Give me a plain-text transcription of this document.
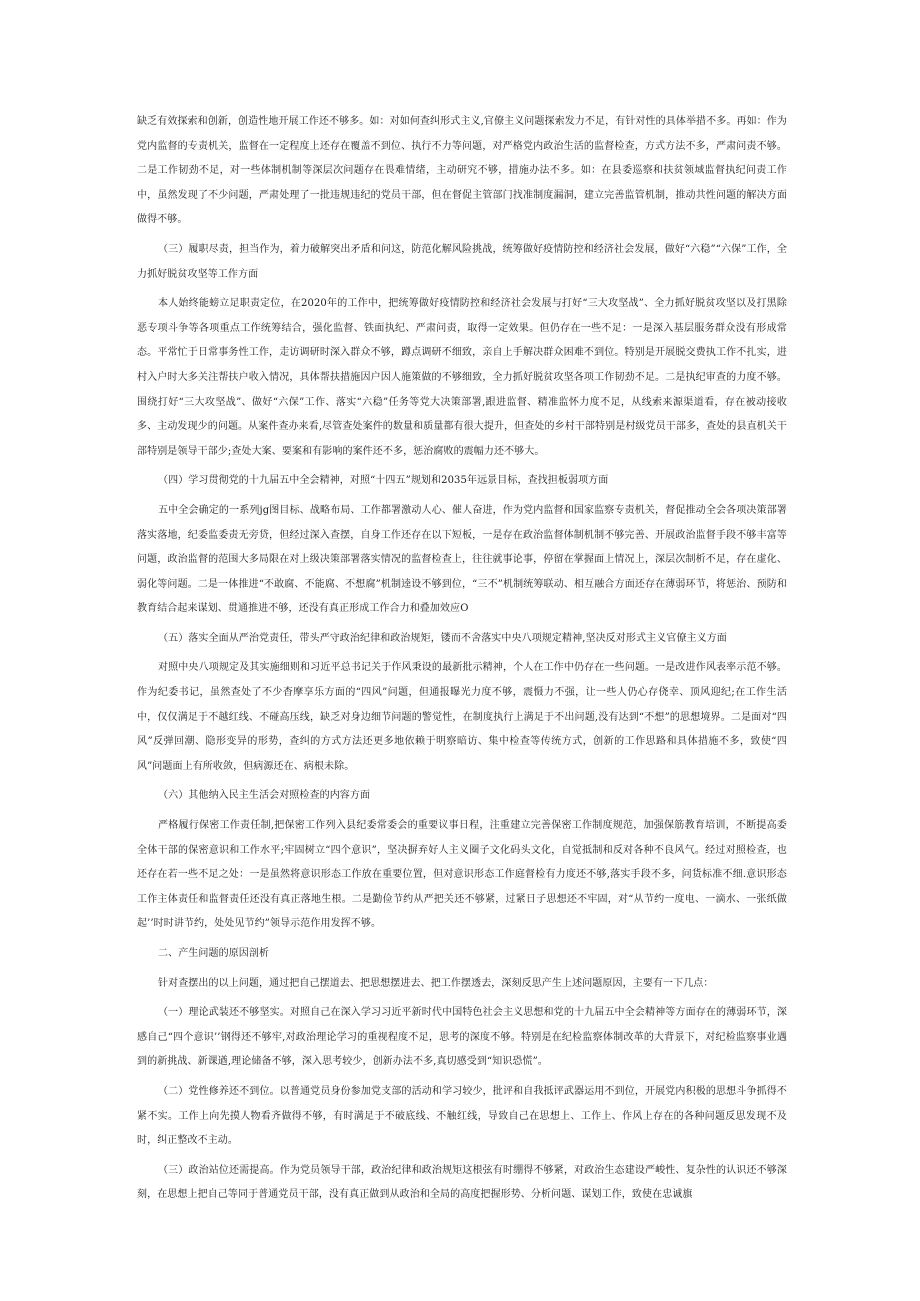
缺乏有效探索和创新，创造性地开展工作还不够多。如：对如何查纠形式主义,官僚主义问题探索发力不足，有针对性的具体举措不多。再如：作为党内监督的专责机关，监督在一定程度上还存在覆盖不到位、执行不力等问题，对严格党内政治生活的监督检查，方式方法不多，严肃问责不够。二是工作韧劲不足，对一些体制机制等深层次问题存在畏难情绪，主动研究不够，措施办法不多。如：在县委巡察和扶贫领域监督执纪问责工作中，虽然发现了不少问题，严肃处理了一批违规违纪的党员干部，但在督促主管部门找准制度漏洞，建立完善监管机制，推动共性问题的解决方面做得不够。

（三）履职尽责，担当作为，着力破解突出矛盾和问这，防范化解风险挑战，统筹做好疫情防控和经济社会发展，做好“六稳”“六保”工作，全力抓好脱贫攻坚等工作方面

本人始终能螃立足职责定位，在2020年的工作中，把统筹做好疫情防控和经济社会发展与打好“三大攻坚战”、全力抓好脱贫攻坚以及打黑除恶专项斗争等各项重点工作统筹结合，强化监督、铁面执纪、严肃问责，取得一定效果。但仍存在一些不足：一是深入基层服务群众没有形成常态。平常忙于日常事务性工作，走访调研时深入群众不够，蹲点调研不细致，亲自上手解决群众困难不到位。特别是开展脱交费执工作不扎实，进村入户时大多关注帮扶户收入情况，具体帮扶措施因户因人施策做的不够细致，全力抓好脱贫攻坚各项工作韧劲不足。二是执纪审查的力度不够。围绕打好“三大攻坚战”、做好“六保”工作、落实“六稳”任务等党大决策部署,跟进监督、精准监怀力度不足，从线索来源渠道看，存在被动接收多、主动发现少的问题。从案件查办来看,尽管查处案件的数量和质量都有很大提升，但查处的乡村干部特别是村级党员干部多，查处的县直机关干部特别是领导干部少;查处大案、要案和有影响的案件还不多，惩治腐败的震幅力还不够大。

（四）学习贯彻党的十九届五中全会精神，对照“十四五”规划和2035年远景目标，查找担板弱项方面

五中全会确定的一系列jg图目标、战略布局、工作都署激动人心、催人奋进，作为党内监督和国家监察专责机关，督促推动全会各项决策部署落实落地，纪委监委责无旁贷，但经过深入查摆，自身工作还存在以下短板，一是存在政治监督体制机制不够完善、开展政治监督手段不够丰富等问题，政治监督的范围大多局限在对上级决策部署落实情况的监督检查上，往往就事论事，停留在掌握面上情况上，深层次制析不足，存在虚化、弱化等问题。二是一体推进“不敢腐、不能腐、不想腐”机制逵设不够到位，“三不”机制统筹联动、相互融合方面还存在薄弱环节，将惩治、预防和教育结合起来谋划、贯通推进不够，还没有真正形成工作合力和叠加效应O

（五）落实全面从严治党责任，带头严守政治纪律和政治规矩，镂而不舍落实中央八项规定精神,坚决反对形式主义官僚主义方面

对照中央八项规定及其实施细则和习近平总书记关于作风秉设的最新批示精神，个人在工作中仍存在一些问题。一是改进作风表率示范不够。作为纪委书记，虽然查处了不少杳摩享乐方面的“四风”问题，但通报曝光力度不够，震慑力不强，让一些人仍心存侥幸、顶风迎纪;在工作生活中，仅仅满足于不越红线、不碰高压线，缺乏对身边细节问题的警觉性，在制度执行上满足于不出问题,没有达到“不想”的思想境界。二是面对“四风”反弹回潮、隐形变异的形势，查纠的方式方法还更多地依赖于明察暗访、集中检查等传统方式，创新的工作思路和具体措施不多，致使“四风”问题面上有所收敛，但病源还在、病根未除。

（六）其他纳入民主生活会对照检查的内容方面

严格履行保密工作责任制,把保密工作列入县纪委常委会的重要议事日程，注重建立完善保密工作制度规范，加强保筋教育培训，不断提高委全体干部的保密意识和工作水平;牢固树立“四个意识”，坚决摒弃好人主义圈子文化码头文化，自觉抵制和反对各种不良风气。经过对照检查，也还存在若一些不足之处：一是虽然将意识形态工作放在重要位置，但对意识形态工作庭督检有力度还不够,落实手段不多，问货标准不细.意识形态工作主体责任和监督责任还没有真正落地生根。二是勤俭节约从严把关还不够紧，过紧日子思想还不牢固，对“从节约一度电、一滴水、一张纸做起’’时时讲节约，处处见节约”领导示范作用发挥不够。

二、产生问题的原因剖析

针对查摆出的以上问题，通过把自己摆道去、把思想摆进去、把工作摆透去，深刻反思产生上述问题原因，主要有一下几点：

（一）理论武装还不够坚实。对照自己在深入学习习近平新时代中国特色社会主义思想和党的十九届五中全会精神等方面存在的薄弱环节，深感自己“四个意识’’钢得还不够牢,对政治理论学习的重视程度不足，思考的深度不够。特别是在纪检监察体制改革的大背景下，对纪检监察事业遇到的新挑战、新课遒,理论储备不够，深入思考较少，创新办法不多,真切感受到“知识恐慌”。

（二）党性修养还不到位。以普通党员身份参加党支部的活动和学习较少，批评和自我抵评武器运用不到位，开展党内积极的思想斗争抓得不紧不实。工作上向先摸人物看齐做得不够，有时满足于不破底线、不触红线，导致自己在思想上、工作上、作风上存在的各种问题反思发现不及时，纠正整改不主动。

（三）政治站位还需提高。作为党员领导干部，政治纪律和政治规矩这根弦有时绷得不够紧，对政治生态建设严峻性、复杂性的认识还不够深刻，在思想上把自己等同于普通党员干部，没有真正做到从政治和全局的高度把握形势、分析问题、谋划工作，致使在忠诚旗
